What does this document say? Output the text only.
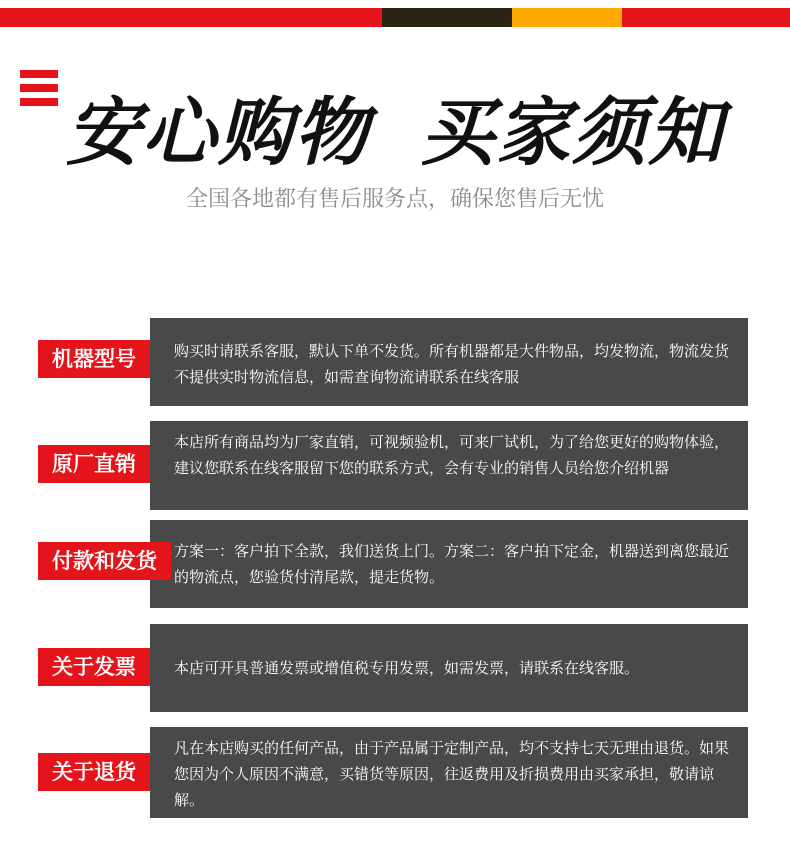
安心购物 买家须知
全国各地都有售后服务点，确保您售后无忧
购买时请联系客服，默认下单不发货。所有机器都是大件物品，均发物流，物流发货不提供实时物流信息，如需查询物流请联系在线客服
机器型号
本店所有商品均为厂家直销，可视频验机，可来厂试机，为了给您更好的购物体验，建议您联系在线客服留下您的联系方式，会有专业的销售人员给您介绍机器
原厂直销
方案一：客户拍下全款，我们送货上门。方案二：客户拍下定金，机器送到离您最近的物流点，您验货付清尾款，提走货物。
付款和发货
本店可开具普通发票或增值税专用发票，如需发票，请联系在线客服。
关于发票
凡在本店购买的任何产品，由于产品属于定制产品，均不支持七天无理由退货。如果您因为个人原因不满意，买错货等原因，往返费用及折损费用由买家承担，敬请谅解。
关于退货
